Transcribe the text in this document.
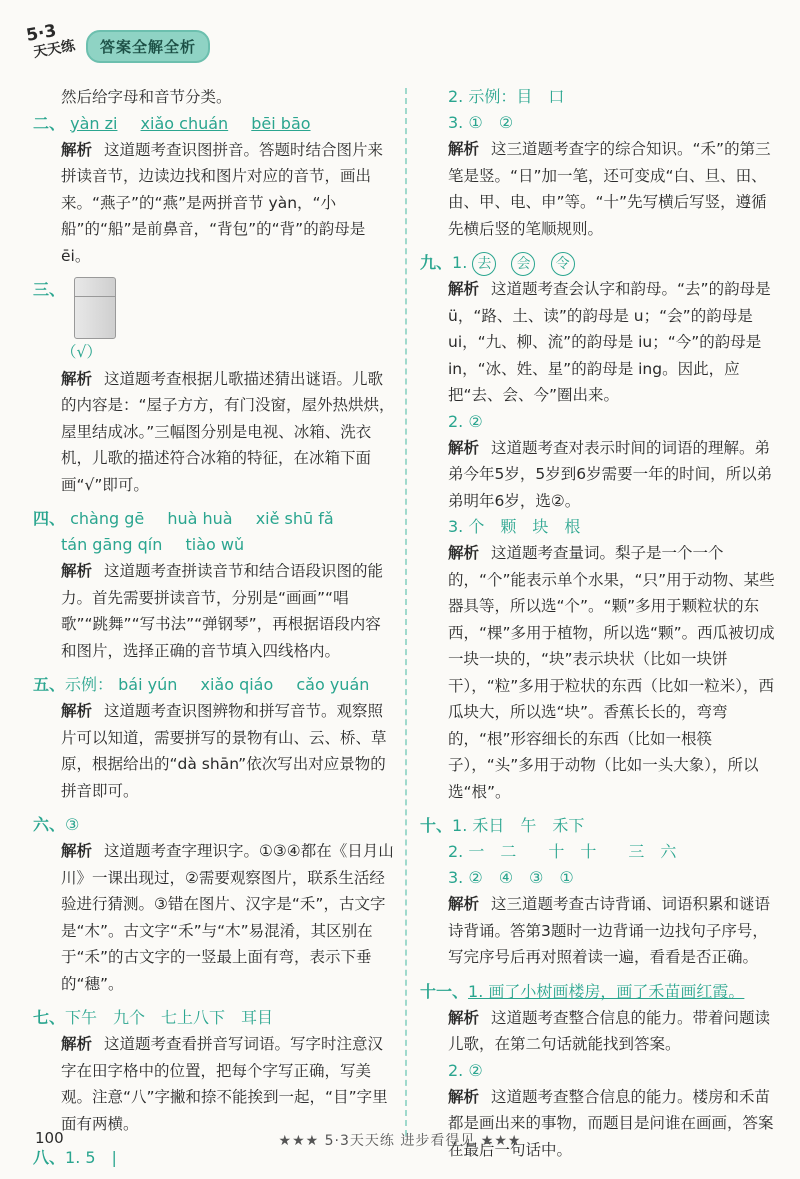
5·3
天天练	答案全解全析
然后给字母和音节分类。
二、 yàn zi xiǎo chuán bēi bāo
解析 这道题考查识图拼音。答题时结合图片来拼读音节，边读边找和图片对应的音节，画出来。“燕子”的“燕”是两拼音节 yàn，“小船”的“船”是前鼻音，“背包”的“背”的韵母是 ēi。
三、
（√）
解析 这道题考查根据儿歌描述猜出谜语。儿歌的内容是：“屋子方方，有门没窗，屋外热烘烘，屋里结成冰。”三幅图分别是电视、冰箱、洗衣机，儿歌的描述符合冰箱的特征，在冰箱下面画“√”即可。
四、 chàng gē huà huà xiě shū fǎ
tán gāng qín tiào wǔ
解析 这道题考查拼读音节和结合语段识图的能力。首先需要拼读音节，分别是“画画”“唱歌”“跳舞”“写书法”“弹钢琴”，再根据语段内容和图片，选择正确的音节填入四线格内。
五、示例： bái yún xiǎo qiáo cǎo yuán
解析 这道题考查识图辨物和拼写音节。观察照片可以知道，需要拼写的景物有山、云、桥、草原，根据给出的“dà shān”依次写出对应景物的拼音即可。
六、③
解析 这道题考查字理识字。①③④都在《日月山川》一课出现过，②需要观察图片，联系生活经验进行猜测。③错在图片、汉字是“禾”，古文字是“木”。古文字“禾”与“木”易混淆，其区别在于“禾”的古文字的一竖最上面有弯，表示下垂的“穗”。
七、下午　九个　七上八下　耳目
解析 这道题考查看拼音写词语。写字时注意汉字在田字格中的位置，把每个字写正确，写美观。注意“八”字撇和捺不能挨到一起，“目”字里面有两横。
八、1. 5　|
2. 示例：目　口
3. ①　②
解析 这三道题考查字的综合知识。“禾”的第三笔是竖。“日”加一笔，还可变成“白、旦、田、由、甲、电、申”等。“十”先写横后写竖，遵循先横后竖的笔顺规则。
九、1. 去 会 令
解析 这道题考查会认字和韵母。“去”的韵母是 ü，“路、土、读”的韵母是 u；“会”的韵母是 ui，“九、柳、流”的韵母是 iu；“今”的韵母是 in，“冰、姓、星”的韵母是 ing。因此，应把“去、会、今”圈出来。
2. ②
解析 这道题考查对表示时间的词语的理解。弟弟今年5岁，5岁到6岁需要一年的时间，所以弟弟明年6岁，选②。
3. 个　颗　块　根
解析 这道题考查量词。梨子是一个一个的，“个”能表示单个水果，“只”用于动物、某些器具等，所以选“个”。“颗”多用于颗粒状的东西，“棵”多用于植物，所以选“颗”。西瓜被切成一块一块的，“块”表示块状（比如一块饼干），“粒”多用于粒状的东西（比如一粒米），西瓜块大，所以选“块”。香蕉长长的，弯弯的，“根”形容细长的东西（比如一根筷子），“头”多用于动物（比如一头大象），所以选“根”。
十、1. 禾日　午　禾下
2. 一　二　　十　十　　三　六
3. ②　④　③　①
解析 这三道题考查古诗背诵、词语积累和谜语诗背诵。答第3题时一边背诵一边找句子序号，写完序号后再对照着读一遍，看看是否正确。
十一、1. 画了小树画楼房，画了禾苗画红霞。
解析 这道题考查整合信息的能力。带着问题读儿歌，在第二句话就能找到答案。
2. ②
解析 这道题考查整合信息的能力。楼房和禾苗都是画出来的事物，而题目是问谁在画画，答案在最后一句话中。
100	★★★ 5·3天天练 进步看得见 ★★★
